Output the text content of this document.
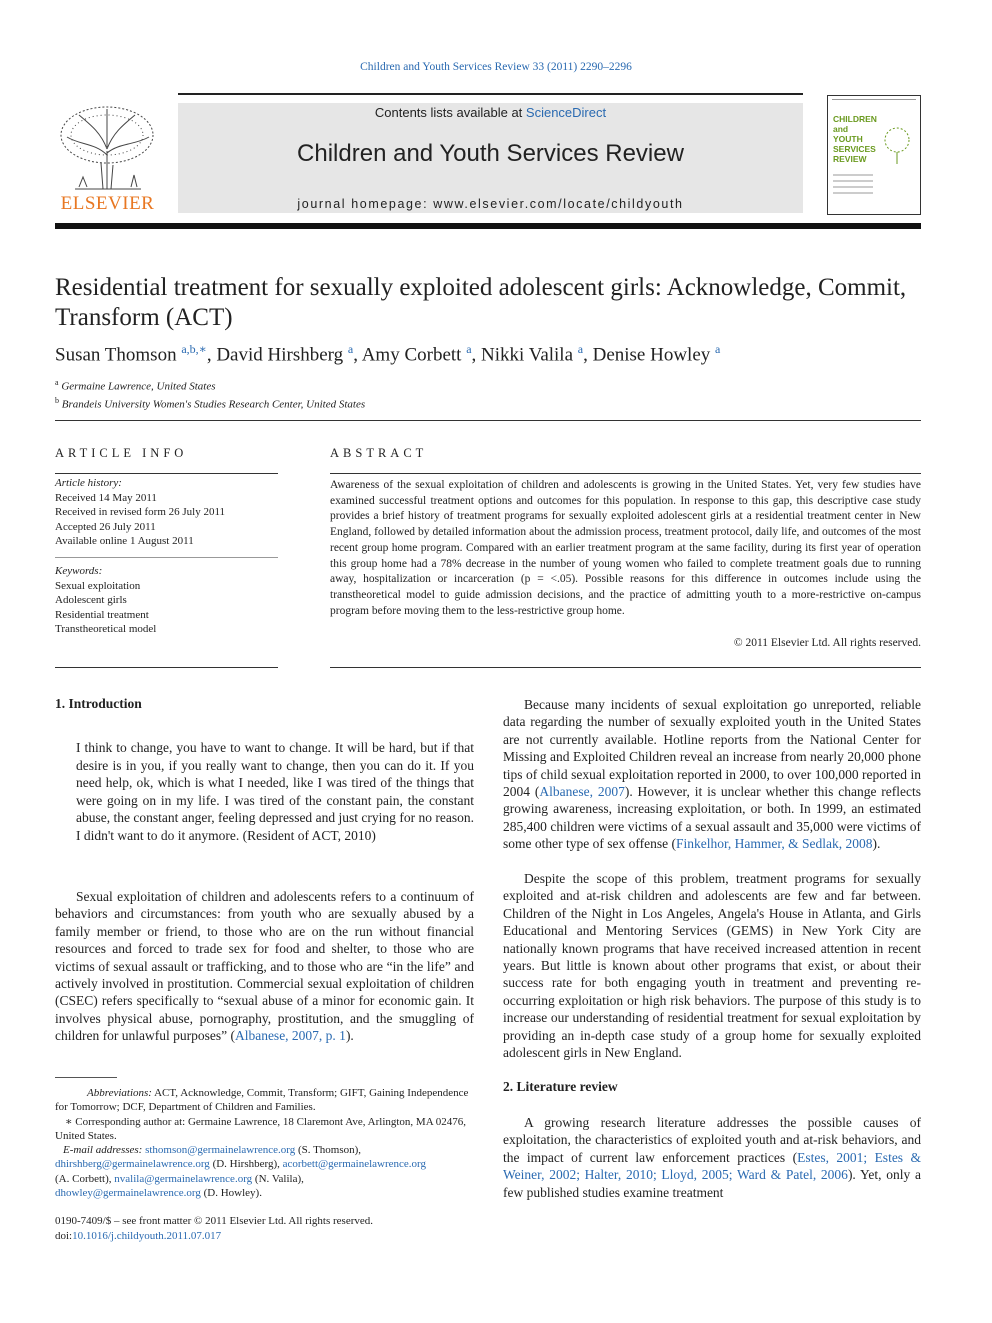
Children and Youth Services Review 33 (2011) 2290–2296
ELSEVIER
Contents lists available at ScienceDirect
Children and Youth Services Review
journal homepage: www.elsevier.com/locate/childyouth
CHILDREN and YOUTH SERVICES REVIEW
Residential treatment for sexually exploited adolescent girls: Acknowledge, Commit, Transform (ACT)
Susan Thomson $^{a,b,∗}$, David Hirshberg $^a$, Amy Corbett $^a$, Nikki Valila $^a$, Denise Howley $^a$
$^a$ Germaine Lawrence, United States
$^b$ Brandeis University Women's Studies Research Center, United States
ARTICLE INFO	ABSTRACT
Article history:
Received 14 May 2011
Received in revised form 26 July 2011
Accepted 26 July 2011
Available online 1 August 2011
Keywords:
Sexual exploitation
Adolescent girls
Residential treatment
Transtheoretical model
Awareness of the sexual exploitation of children and adolescents is growing in the United States. Yet, very few studies have examined successful treatment options and outcomes for this population. In response to this gap, this descriptive case study provides a brief history of treatment programs for sexually exploited adolescent girls at a residential treatment center in New England, followed by detailed information about the admission process, treatment protocol, daily life, and outcomes of the most recent group home program. Compared with an earlier treatment program at the same facility, during its first year of operation this group home had a 78% decrease in the number of young women who failed to complete treatment goals due to running away, hospitalization or incarceration (p = <.05). Possible reasons for this difference in outcomes include using the transtheoretical model to guide admission decisions, and the practice of admitting youth to a more-restrictive on-campus program before moving them to the less-restrictive group home.
© 2011 Elsevier Ltd. All rights reserved.
1. Introduction
I think to change, you have to want to change. It will be hard, but if that desire is in you, if you really want to change, then you can do it. If you need help, ok, which is what I needed, like I was tired of the things that were going on in my life. I was tired of the constant pain, the constant abuse, the constant anger, feeling depressed and just crying for no reason. I didn't want to do it anymore. (Resident of ACT, 2010)
Sexual exploitation of children and adolescents refers to a continuum of behaviors and circumstances: from youth who are sexually abused by a family member or friend, to those who are on the run without financial resources and forced to trade sex for food and shelter, to those who are victims of sexual assault or trafficking, and to those who are “in the life” and actively involved in prostitution. Commercial sexual exploitation of children (CSEC) refers specifically to “sexual abuse of a minor for economic gain. It involves physical abuse, pornography, prostitution, and the smuggling of children for unlawful purposes” (Albanese, 2007, p. 1).

Abbreviations: ACT, Acknowledge, Commit, Transform; GIFT, Gaining Independence for Tomorrow; DCF, Department of Children and Families.

∗ Corresponding author at: Germaine Lawrence, 18 Claremont Ave, Arlington, MA 02476, United States.

E-mail addresses: sthomson@germainelawrence.org (S. Thomson),
dhirshberg@germainelawrence.org (D. Hirshberg), acorbett@germainelawrence.org
(A. Corbett), nvalila@germainelawrence.org (N. Valila),
dhowley@germainelawrence.org (D. Howley).

0190-7409/$ – see front matter © 2011 Elsevier Ltd. All rights reserved.
doi:10.1016/j.childyouth.2011.07.017
Because many incidents of sexual exploitation go unreported, reliable data regarding the number of sexually exploited youth in the United States are not currently available. Hotline reports from the National Center for Missing and Exploited Children reveal an increase from nearly 20,000 phone tips of child sexual exploitation reported in 2000, to over 100,000 reported in 2004 (Albanese, 2007). However, it is unclear whether this change reflects growing awareness, increasing exploitation, or both. In 1999, an estimated 285,400 children were victims of a sexual assault and 35,000 were victims of some other type of sex offense (Finkelhor, Hammer, & Sedlak, 2008).
Despite the scope of this problem, treatment programs for sexually exploited and at-risk children and adolescents are few and far between. Children of the Night in Los Angeles, Angela's House in Atlanta, and Girls Educational and Mentoring Services (GEMS) in New York City are nationally known programs that have received increased attention in recent years. But little is known about other programs that exist, or about their success rate for both engaging youth in treatment and preventing re-occurring exploitation or high risk behaviors. The purpose of this study is to increase our understanding of residential treatment for sexual exploitation by providing an in-depth case study of a group home for sexually exploited adolescent girls in New England.
2. Literature review
A growing research literature addresses the possible causes of exploitation, the characteristics of exploited youth and at-risk behaviors, and the impact of current law enforcement practices (Estes, 2001; Estes & Weiner, 2002; Halter, 2010; Lloyd, 2005; Ward & Patel, 2006). Yet, only a few published studies examine treatment
